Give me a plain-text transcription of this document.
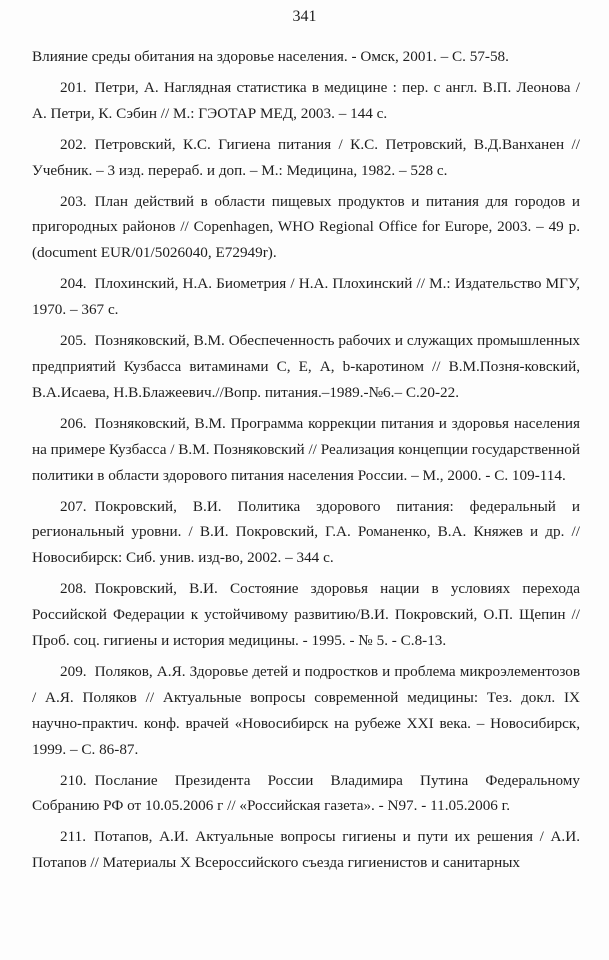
341

Влияние среды обитания на здоровье населения. - Омск, 2001. – С. 57-58.

201. Петри, А. Наглядная статистика в медицине : пер. с англ. В.П. Леонова / А. Петри, К. Сэбин // М.: ГЭОТАР МЕД, 2003. – 144 с.

202. Петровский, К.С. Гигиена питания / К.С. Петровский, В.Д.Ванханен // Учебник. – 3 изд. перераб. и доп. – М.: Медицина, 1982. – 528 с.

203. План действий в области пищевых продуктов и питания для городов и пригородных районов // Copenhagen, WHO Regional Office for Europe, 2003. – 49 р. (document EUR/01/5026040, E72949r).

204. Плохинский, Н.А. Биометрия / Н.А. Плохинский // М.: Издательство МГУ, 1970. – 367 с.

205. Позняковский, В.М. Обеспеченность рабочих и служащих промышленных предприятий Кузбасса витаминами С, Е, А, b-каротином // В.М.Позня-ковский, В.А.Исаева, Н.В.Блажеевич.//Вопр. питания.–1989.-№6.– С.20-22.

206. Позняковский, В.М. Программа коррекции питания и здоровья населения на примере Кузбасса / В.М. Позняковский // Реализация концепции государственной политики в области здорового питания населения России. – М., 2000. - С. 109-114.

207. Покровский, В.И. Политика здорового питания: федеральный и региональный уровни. / В.И. Покровский, Г.А. Романенко, В.А. Княжев и др. // Новосибирск: Сиб. унив. изд-во, 2002. – 344 с.

208. Покровский, В.И. Состояние здоровья нации в условиях перехода Российской Федерации к устойчивому развитию/В.И. Покровский, О.П. Щепин // Проб. соц. гигиены и история медицины. - 1995. - № 5. - С.8-13.

209. Поляков, А.Я. Здоровье детей и подростков и проблема микроэлементозов / А.Я. Поляков // Актуальные вопросы современной медицины: Тез. докл. IX научно-практич. конф. врачей «Новосибирск на рубеже XXI века. – Новосибирск, 1999. – С. 86-87.

210. Послание Президента России Владимира Путина Федеральному Собранию РФ от 10.05.2006 г // «Российская газета». - N97. - 11.05.2006 г.

211. Потапов, А.И. Актуальные вопросы гигиены и пути их решения / А.И. Потапов // Материалы Х Всероссийского съезда гигиенистов и санитарных
